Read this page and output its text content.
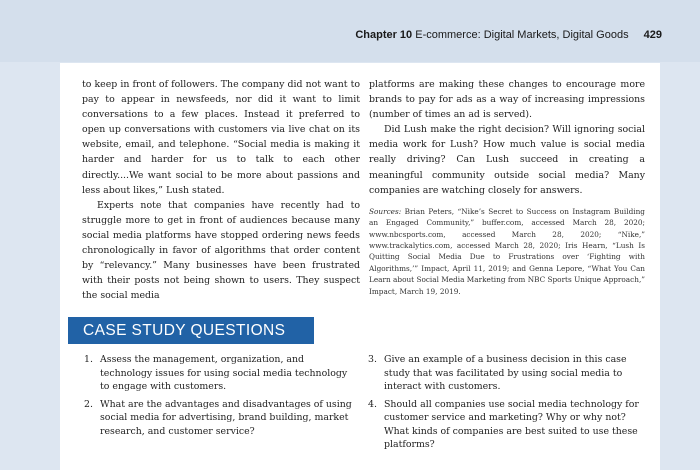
Chapter 10 E-commerce: Digital Markets, Digital Goods 429

to keep in front of followers. The company did not want to pay to appear in newsfeeds, nor did it want to limit conversations to a few places. Instead it preferred to open up conversations with customers via live chat on its website, email, and telephone. “Social media is making it harder and harder for us to talk to each other directly....We want social to be more about passions and less about likes,” Lush stated.

Experts note that companies have recently had to struggle more to get in front of audiences because many social media platforms have stopped ordering news feeds chronologically in favor of algorithms that order content by “relevancy.” Many businesses have been frustrated with their posts not being shown to users. They suspect the social media

platforms are making these changes to encourage more brands to pay for ads as a way of increasing impressions (number of times an ad is served).

Did Lush make the right decision? Will ignoring social media work for Lush? How much value is social media really driving? Can Lush succeed in creating a meaningful community outside social media? Many companies are watching closely for answers.

Sources: Brian Peters, “Nike’s Secret to Success on Instagram Building an Engaged Community,” buffer.com, accessed March 28, 2020; www.nbcsports.com, accessed March 28, 2020; “Nike,” www.trackalytics.com, accessed March 28, 2020; Iris Hearn, “Lush Is Quitting Social Media Due to Frustrations over ‘Fighting with Algorithms,’” Impact, April 11, 2019; and Genna Lepore, “What You Can Learn about Social Media Marketing from NBC Sports Unique Approach,” Impact, March 19, 2019.

CASE STUDY QUESTIONS
1. Assess the management, organization, and technology issues for using social media technology to engage with customers.
2. What are the advantages and disadvantages of using social media for advertising, brand building, market research, and customer service?
3. Give an example of a business decision in this case study that was facilitated by using social media to interact with customers.
4. Should all companies use social media technology for customer service and marketing? Why or why not? What kinds of companies are best suited to use these platforms?
